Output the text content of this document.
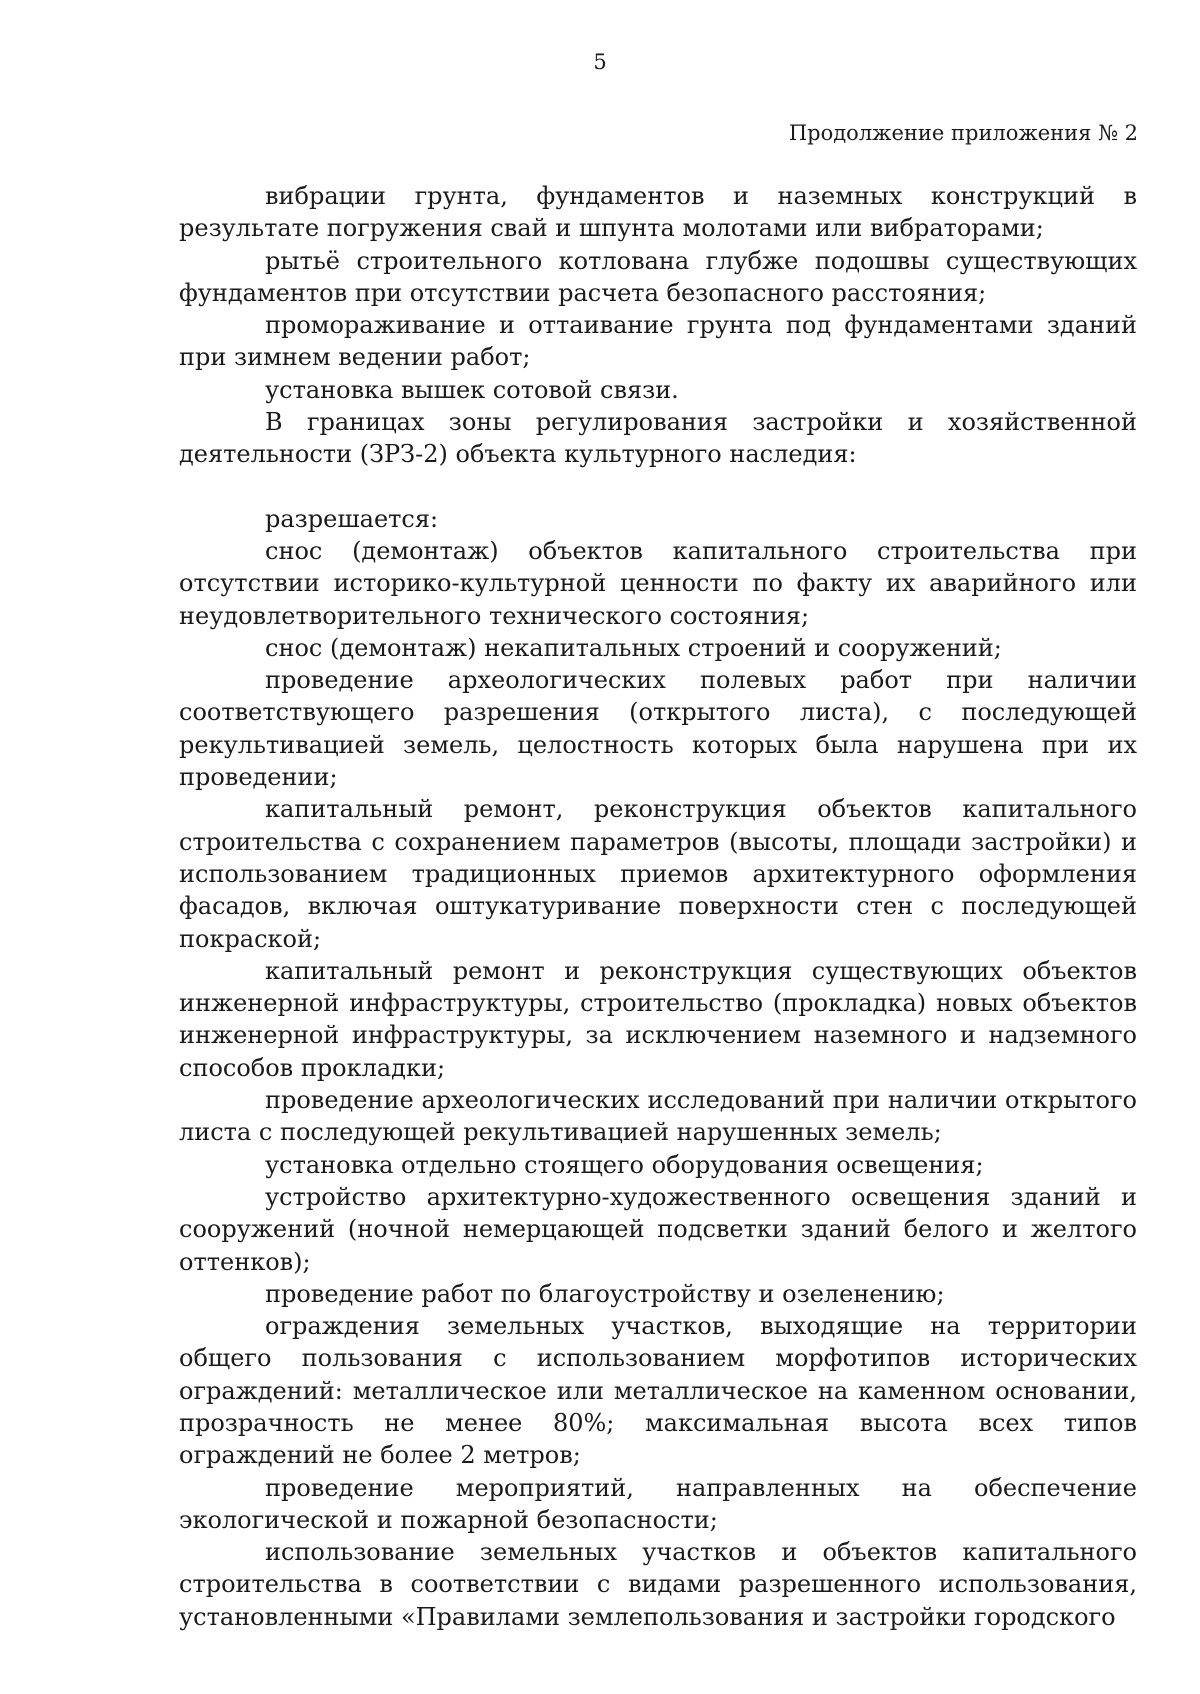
5
Продолжение приложения № 2

вибрации грунта, фундаментов и наземных конструкций в результате погружения свай и шпунта молотами или вибраторами;

рытьё строительного котлована глубже подошвы существующих фундаментов при отсутствии расчета безопасного расстояния;

промораживание и оттаивание грунта под фундаментами зданий при зимнем ведении работ;

установка вышек сотовой связи.

В границах зоны регулирования застройки и хозяйственной деятельности (ЗРЗ-2) объекта культурного наследия:

разрешается:

снос (демонтаж) объектов капитального строительства при отсутствии историко-культурной ценности по факту их аварийного или неудовлетворительного технического состояния;

снос (демонтаж) некапитальных строений и сооружений;

проведение археологических полевых работ при наличии соответствующего разрешения (открытого листа), с последующей рекультивацией земель, целостность которых была нарушена при их проведении;

капитальный ремонт, реконструкция объектов капитального строительства с сохранением параметров (высоты, площади застройки) и использованием традиционных приемов архитектурного оформления фасадов, включая оштукатуривание поверхности стен с последующей покраской;

капитальный ремонт и реконструкция существующих объектов инженерной инфраструктуры, строительство (прокладка) новых объектов инженерной инфраструктуры, за исключением наземного и надземного способов прокладки;

проведение археологических исследований при наличии открытого листа с последующей рекультивацией нарушенных земель;

установка отдельно стоящего оборудования освещения;

устройство архитектурно-художественного освещения зданий и сооружений (ночной немерцающей подсветки зданий белого и желтого оттенков);

проведение работ по благоустройству и озеленению;

ограждения земельных участков, выходящие на территории общего пользования с использованием морфотипов исторических ограждений: металлическое или металлическое на каменном основании, прозрачность не менее 80%; максимальная высота всех типов ограждений не более 2 метров;

проведение мероприятий, направленных на обеспечение экологической и пожарной безопасности;

использование земельных участков и объектов капитального строительства в соответствии с видами разрешенного использования, установленными «Правилами землепользования и застройки городского
